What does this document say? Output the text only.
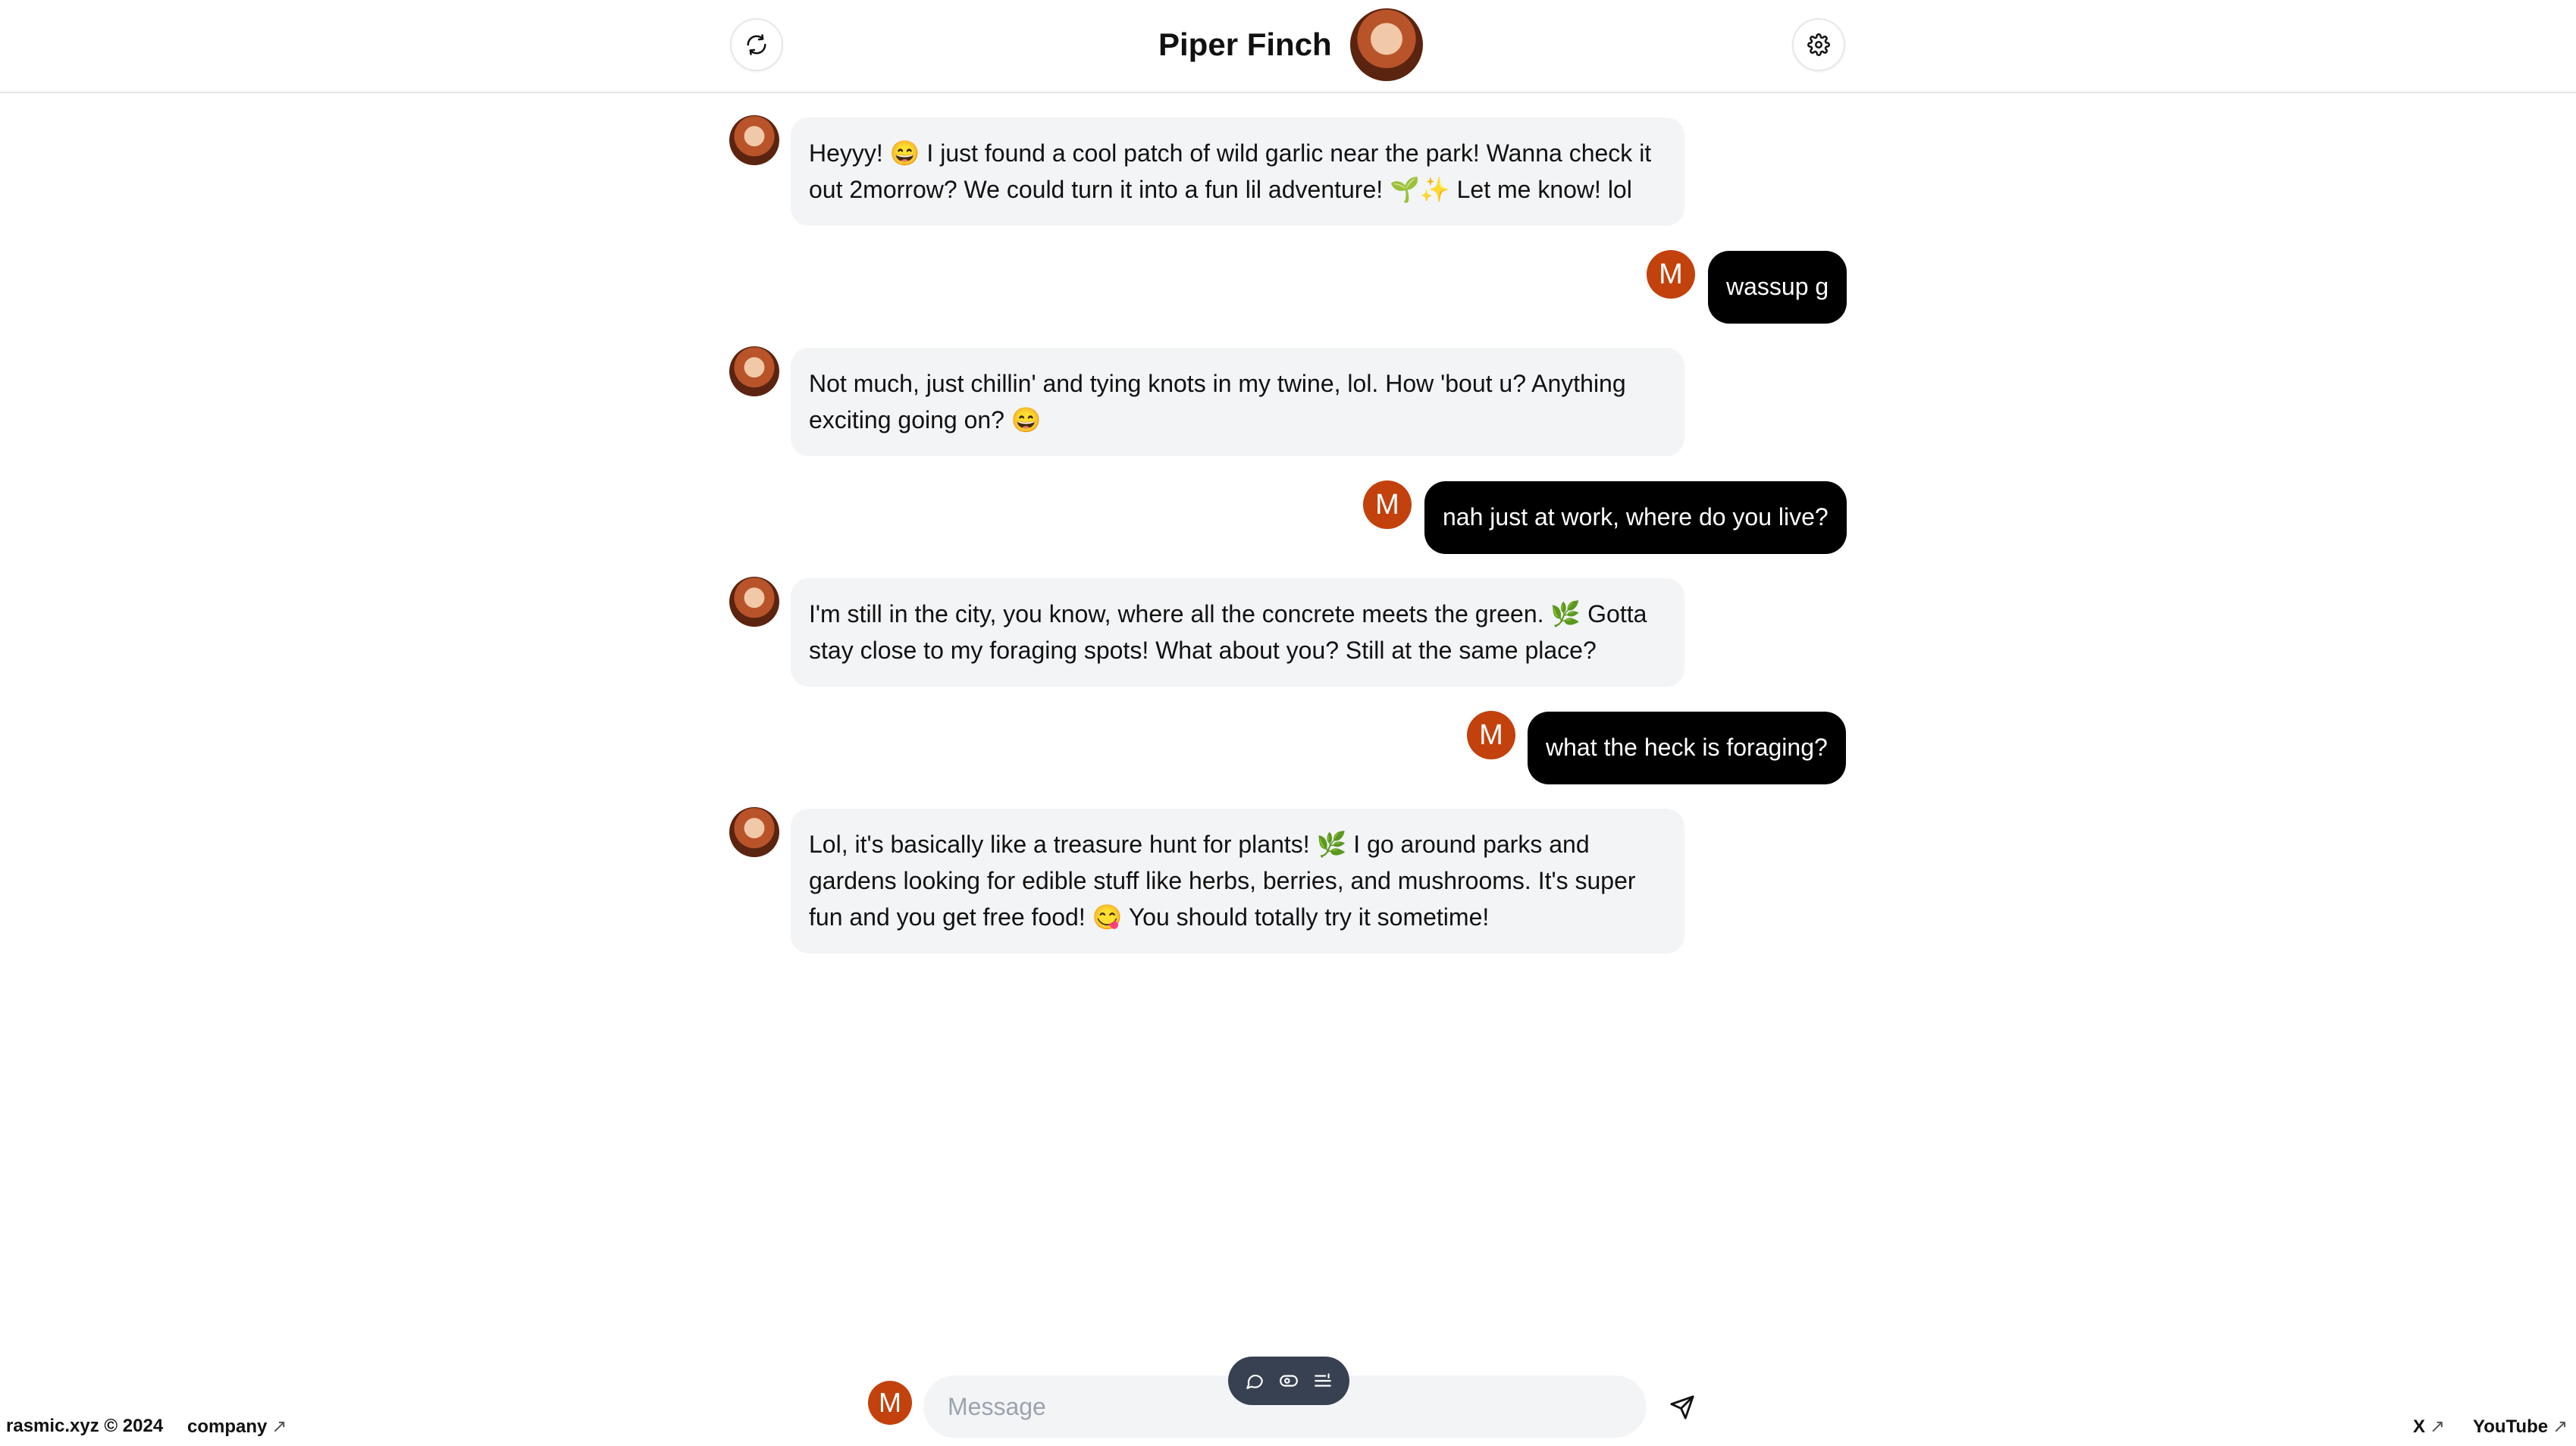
Piper Finch
Heyyy! 😄 I just found a cool patch of wild garlic near the park! Wanna check it
out 2morrow? We could turn it into a fun lil adventure! 🌱✨ Let me know! lol
M	wassup g
Not much, just chillin' and tying knots in my twine, lol. How 'bout u? Anything
exciting going on? 😄
M	nah just at work, where do you live?
I'm still in the city, you know, where all the concrete meets the green. 🌿 Gotta
stay close to my foraging spots! What about you? Still at the same place?
M	what the heck is foraging?
Lol, it's basically like a treasure hunt for plants! 🌿 I go around parks and
gardens looking for edible stuff like herbs, berries, and mushrooms. It's super
fun and you get free food! 😋 You should totally try it sometime!
M
Message
rasmic.xyz © 2024 company ↗	X ↗ YouTube ↗
